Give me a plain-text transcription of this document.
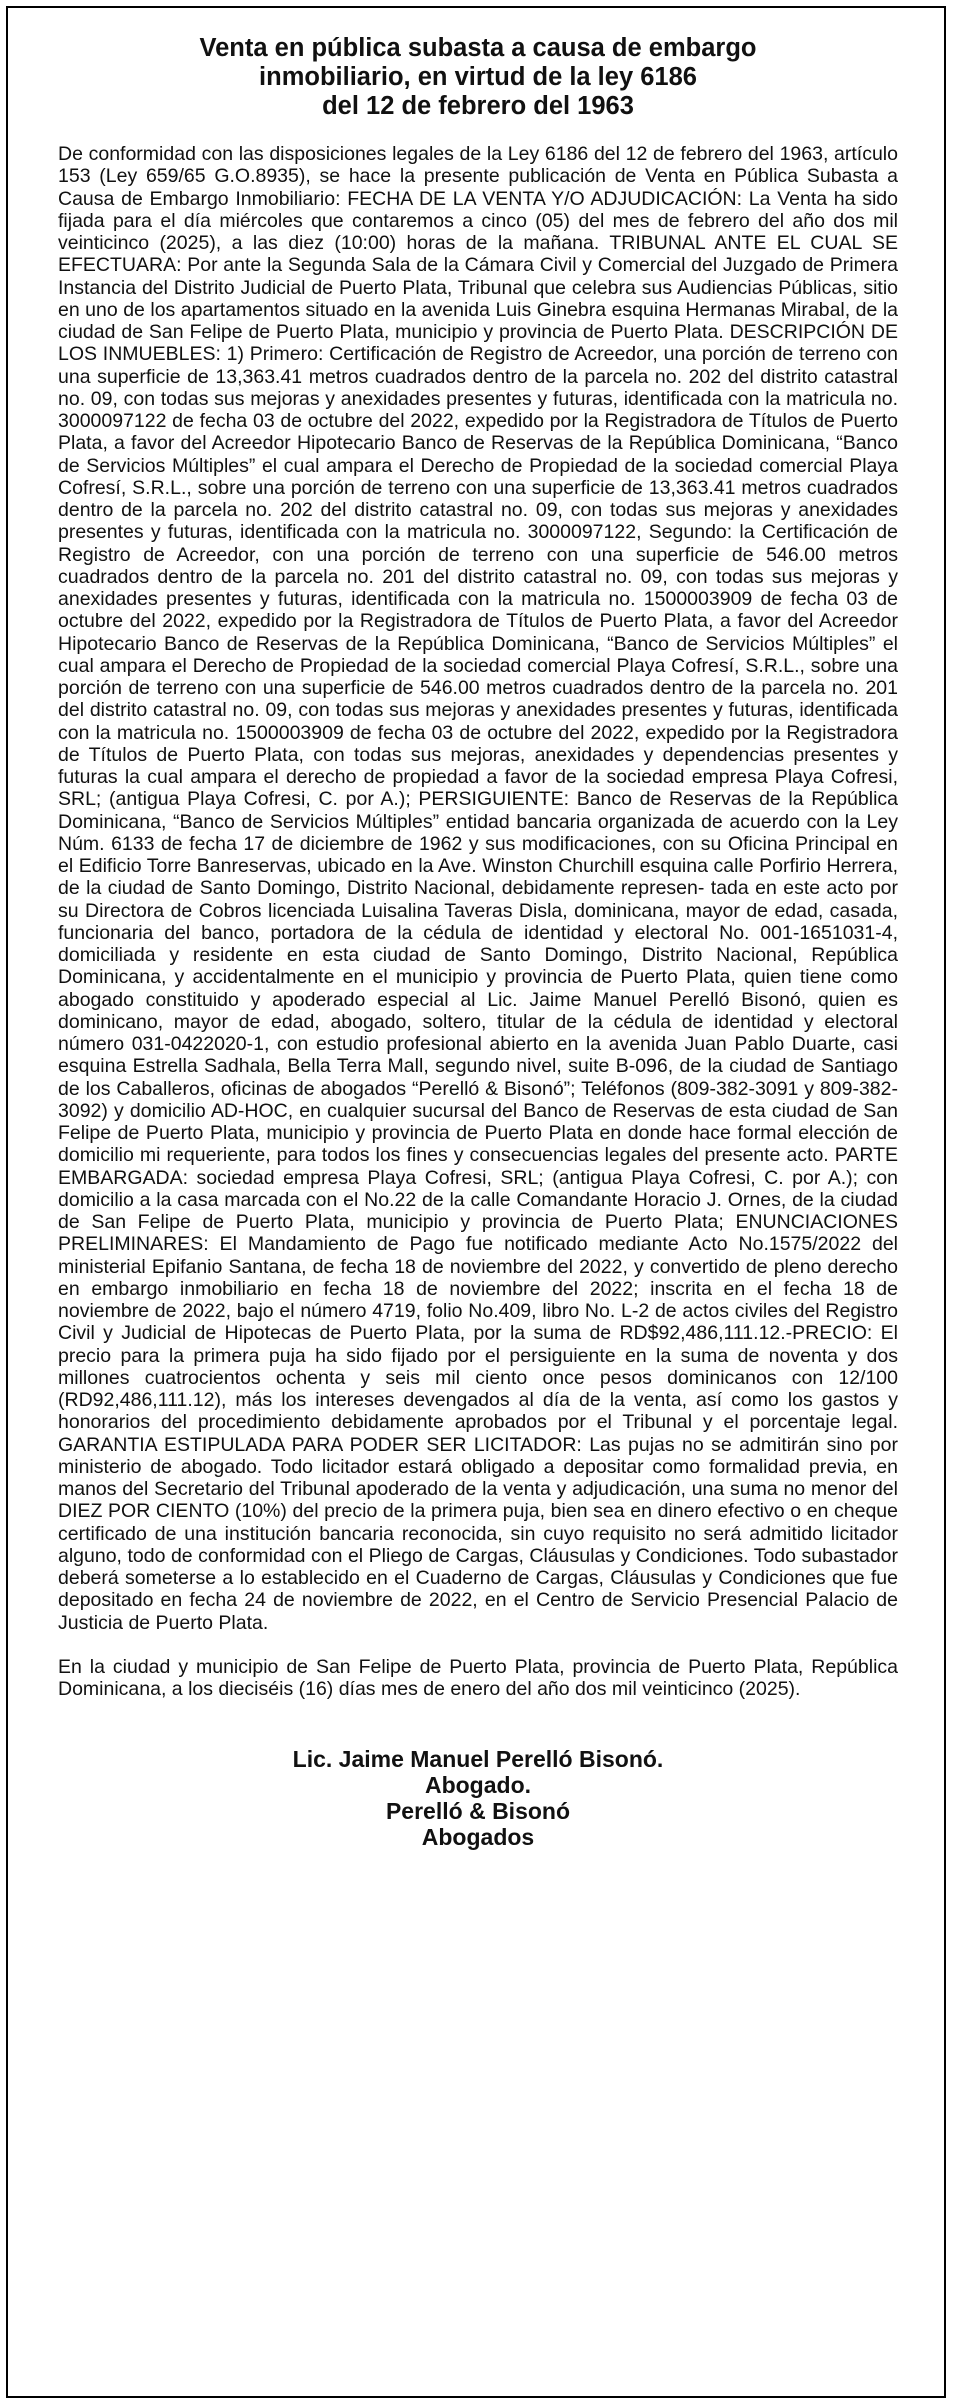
Venta en pública subasta a causa de embargo
inmobiliario, en virtud de la ley 6186
del 12 de febrero del 1963

De conformidad con las disposiciones legales de la Ley 6186 del 12 de febrero del 1963, artículo 153 (Ley 659/65 G.O.8935), se hace la presente publicación de Venta en Pública Subasta a Causa de Embargo Inmobiliario: FECHA DE LA VENTA Y/O ADJUDICACIÓN: La Venta ha sido fijada para el día miércoles que contaremos a cinco (05) del mes de febrero del año dos mil veinticinco (2025), a las diez (10:00) horas de la mañana. TRIBUNAL ANTE EL CUAL SE EFECTUARA: Por ante la Segunda Sala de la Cámara Civil y Comercial del Juzgado de Primera Instancia del Distrito Judicial de Puerto Plata, Tribunal que celebra sus Audiencias Públicas, sitio en uno de los apartamentos situado en la avenida Luis Ginebra esquina Hermanas Mirabal, de la ciudad de San Felipe de Puerto Plata, municipio y provincia de Puerto Plata. DESCRIPCIÓN DE LOS INMUEBLES: 1) Primero: Certificación de Registro de Acreedor, una porción de terreno con una superficie de 13,363.41 metros cuadrados dentro de la parcela no. 202 del distrito catastral no. 09, con todas sus mejoras y anexidades presentes y futuras, identificada con la matricula no. 3000097122 de fecha 03 de octubre del 2022, expedido por la Registradora de Títulos de Puerto Plata, a favor del Acreedor Hipotecario Banco de Reservas de la República Dominicana, “Banco de Servicios Múltiples” el cual ampara el Derecho de Propiedad de la sociedad comercial Playa Cofresí, S.R.L., sobre una porción de terreno con una superficie de 13,363.41 metros cuadrados dentro de la parcela no. 202 del distrito catastral no. 09, con todas sus mejoras y anexidades presentes y futuras, identificada con la matricula no. 3000097122, Segundo: la Certificación de Registro de Acreedor, con una porción de terreno con una superficie de 546.00 metros cuadrados dentro de la parcela no. 201 del distrito catastral no. 09, con todas sus mejoras y anexidades presentes y futuras, identificada con la matricula no. 1500003909 de fecha 03 de octubre del 2022, expedido por la Registradora de Títulos de Puerto Plata, a favor del Acreedor Hipotecario Banco de Reservas de la República Dominicana, “Banco de Servicios Múltiples” el cual ampara el Derecho de Propiedad de la sociedad comercial Playa Cofresí, S.R.L., sobre una porción de terreno con una superficie de 546.00 metros cuadrados dentro de la parcela no. 201 del distrito catastral no. 09, con todas sus mejoras y anexidades presentes y futuras, identificada con la matricula no. 1500003909 de fecha 03 de octubre del 2022, expedido por la Registradora de Títulos de Puerto Plata, con todas sus mejoras, anexidades y dependencias presentes y futuras la cual ampara el derecho de propiedad a favor de la sociedad empresa Playa Cofresi, SRL; (antigua Playa Cofresi, C. por A.); PERSIGUIENTE: Banco de Reservas de la República Dominicana, “Banco de Servicios Múltiples” entidad bancaria organizada de acuerdo con la Ley Núm. 6133 de fecha 17 de diciembre de 1962 y sus modificaciones, con su Oficina Principal en el Edificio Torre Banreservas, ubicado en la Ave. Winston Churchill esquina calle Porfirio Herrera, de la ciudad de Santo Domingo, Distrito Nacional, debidamente represen- tada en este acto por su Directora de Cobros licenciada Luisalina Taveras Disla, dominicana, mayor de edad, casada, funcionaria del banco, portadora de la cédula de identidad y electoral No. 001-1651031-4, domiciliada y residente en esta ciudad de Santo Domingo, Distrito Nacional, República Dominicana, y accidentalmente en el municipio y provincia de Puerto Plata, quien tiene como abogado constituido y apoderado especial al Lic. Jaime Manuel Perelló Bisonó, quien es dominicano, mayor de edad, abogado, soltero, titular de la cédula de identidad y electoral número 031-0422020-1, con estudio profesional abierto en la avenida Juan Pablo Duarte, casi esquina Estrella Sadhala, Bella Terra Mall, segundo nivel, suite B-096, de la ciudad de Santiago de los Caballeros, oficinas de abogados “Perelló & Bisonó”; Teléfonos (809-382-3091 y 809-382-3092) y domicilio AD-HOC, en cualquier sucursal del Banco de Reservas de esta ciudad de San Felipe de Puerto Plata, municipio y provincia de Puerto Plata en donde hace formal elección de domicilio mi requeriente, para todos los fines y consecuencias legales del presente acto. PARTE EMBARGADA: sociedad empresa Playa Cofresi, SRL; (antigua Playa Cofresi, C. por A.); con domicilio a la casa marcada con el No.22 de la calle Comandante Horacio J. Ornes, de la ciudad de San Felipe de Puerto Plata, municipio y provincia de Puerto Plata; ENUNCIACIONES PRELIMINARES: El Mandamiento de Pago fue notificado mediante Acto No.1575/2022 del ministerial Epifanio Santana, de fecha 18 de noviembre del 2022, y convertido de pleno derecho en embargo inmobiliario en fecha 18 de noviembre del 2022; inscrita en el fecha 18 de noviembre de 2022, bajo el número 4719, folio No.409, libro No. L-2 de actos civiles del Registro Civil y Judicial de Hipotecas de Puerto Plata, por la suma de RD$92,486,111.12.-PRECIO: El precio para la primera puja ha sido fijado por el persiguiente en la suma de noventa y dos millones cuatrocientos ochenta y seis mil ciento once pesos dominicanos con 12/100 (RD92,486,111.12), más los intereses devengados al día de la venta, así como los gastos y honorarios del procedimiento debidamente aprobados por el Tribunal y el porcentaje legal. GARANTIA ESTIPULADA PARA PODER SER LICITADOR: Las pujas no se admitirán sino por ministerio de abogado. Todo licitador estará obligado a depositar como formalidad previa, en manos del Secretario del Tribunal apoderado de la venta y adjudicación, una suma no menor del DIEZ POR CIENTO (10%) del precio de la primera puja, bien sea en dinero efectivo o en cheque certificado de una institución bancaria reconocida, sin cuyo requisito no será admitido licitador alguno, todo de conformidad con el Pliego de Cargas, Cláusulas y Condiciones. Todo subastador deberá someterse a lo establecido en el Cuaderno de Cargas, Cláusulas y Condiciones que fue depositado en fecha 24 de noviembre de 2022, en el Centro de Servicio Presencial Palacio de Justicia de Puerto Plata.

En la ciudad y municipio de San Felipe de Puerto Plata, provincia de Puerto Plata, República Dominicana, a los dieciséis (16) días mes de enero del año dos mil veinticinco (2025).

Lic. Jaime Manuel Perelló Bisonó.
Abogado.
Perelló & Bisonó
Abogados
